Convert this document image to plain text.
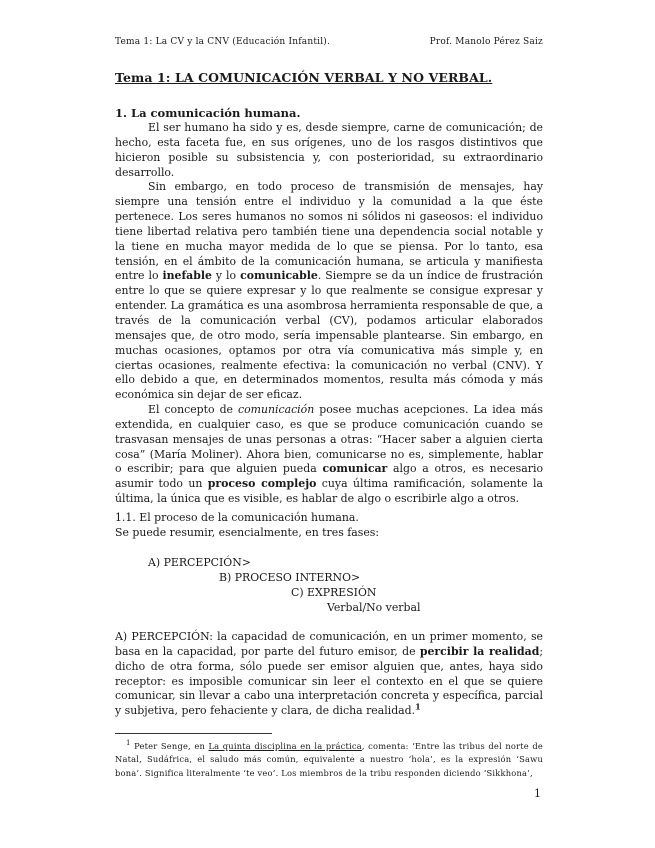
Tema 1: La CV y la CNV (Educación Infantil).	Prof. Manolo Pérez Saiz
Tema 1: LA COMUNICACIÓN VERBAL Y NO VERBAL.
1. La comunicación humana.

El ser humano ha sido y es, desde siempre, carne de comunicación; de hecho, esta faceta fue, en sus orígenes, uno de los rasgos distintivos que hicieron posible su subsistencia y, con posterioridad, su extraordinario desarrollo.

Sin embargo, en todo proceso de transmisión de mensajes, hay siempre una tensión entre el individuo y la comunidad a la que éste pertenece. Los seres humanos no somos ni sólidos ni gaseosos: el individuo tiene libertad relativa pero también tiene una dependencia social notable y la tiene en mucha mayor medida de lo que se piensa. Por lo tanto, esa tensión, en el ámbito de la comunicación humana, se articula y manifiesta entre lo inefable y lo comunicable. Siempre se da un índice de frustración entre lo que se quiere expresar y lo que realmente se consigue expresar y entender. La gramática es una asombrosa herramienta responsable de que, a través de la comunicación verbal (CV), podamos articular elaborados mensajes que, de otro modo, sería impensable plantearse. Sin embargo, en muchas ocasiones, optamos por otra vía comunicativa más simple y, en ciertas ocasiones, realmente efectiva: la comunicación no verbal (CNV). Y ello debido a que, en determinados momentos, resulta más cómoda y más económica sin dejar de ser eficaz.

El concepto de comunicación posee muchas acepciones. La idea más extendida, en cualquier caso, es que se produce comunicación cuando se trasvasan mensajes de unas personas a otras: “Hacer saber a alguien cierta cosa” (María Moliner). Ahora bien, comunicarse no es, simplemente, hablar o escribir; para que alguien pueda comunicar algo a otros, es necesario asumir todo un proceso complejo cuya última ramificación, solamente la última, la única que es visible, es hablar de algo o escribirle algo a otros.

1.1. El proceso de la comunicación humana.
Se puede resumir, esencialmente, en tres fases:
A) PERCEPCIÓN>
B) PROCESO INTERNO>
C) EXPRESIÓN
Verbal/No verbal
A) PERCEPCIÓN: la capacidad de comunicación, en un primer momento, se basa en la capacidad, por parte del futuro emisor, de percibir la realidad; dicho de otra forma, sólo puede ser emisor alguien que, antes, haya sido receptor: es imposible comunicar sin leer el contexto en el que se quiere comunicar, sin llevar a cabo una interpretación concreta y específica, parcial y subjetiva, pero fehaciente y clara, de dicha realidad.$^1$
$^1$ Peter Senge, en La quinta disciplina en la práctica, comenta: ‘Entre las tribus del norte de Natal, Sudáfrica, el saludo más común, equivalente a nuestro ‘hola’, es la expresión ‘Sawu bona’. Significa literalmente ‘te veo’. Los miembros de la tribu responden diciendo ‘Sikkhona’,
1
